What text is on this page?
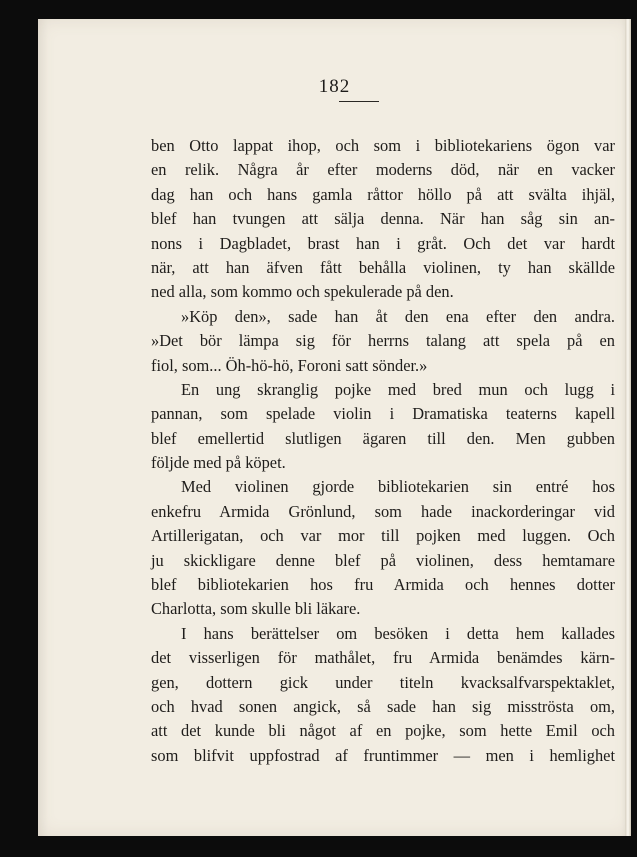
182
ben Otto lappat ihop, och som i bibliotekariens ögon var
en relik. Några år efter moderns död, när en vacker
dag han och hans gamla råttor höllo på att svälta ihjäl,
blef han tvungen att sälja denna. När han såg sin an-
nons i Dagbladet, brast han i gråt. Och det var hardt
när, att han äfven fått behålla violinen, ty han skällde
ned alla, som kommo och spekulerade på den.
»Köp den», sade han åt den ena efter den andra.
»Det bör lämpa sig för herrns talang att spela på en
fiol, som... Öh-hö-hö, Foroni satt sönder.»
En ung skranglig pojke med bred mun och lugg i
pannan, som spelade violin i Dramatiska teaterns kapell
blef emellertid slutligen ägaren till den. Men gubben
följde med på köpet.
Med violinen gjorde bibliotekarien sin entré hos
enkefru Armida Grönlund, som hade inackorderingar vid
Artillerigatan, och var mor till pojken med luggen. Och
ju skickligare denne blef på violinen, dess hemtamare
blef bibliotekarien hos fru Armida och hennes dotter
Charlotta, som skulle bli läkare.
I hans berättelser om besöken i detta hem kallades
det visserligen för mathålet, fru Armida benämdes kärn-
gen, dottern gick under titeln kvacksalfvarspektaklet,
och hvad sonen angick, så sade han sig misströsta om,
att det kunde bli något af en pojke, som hette Emil och
som blifvit uppfostrad af fruntimmer — men i hemlighet
